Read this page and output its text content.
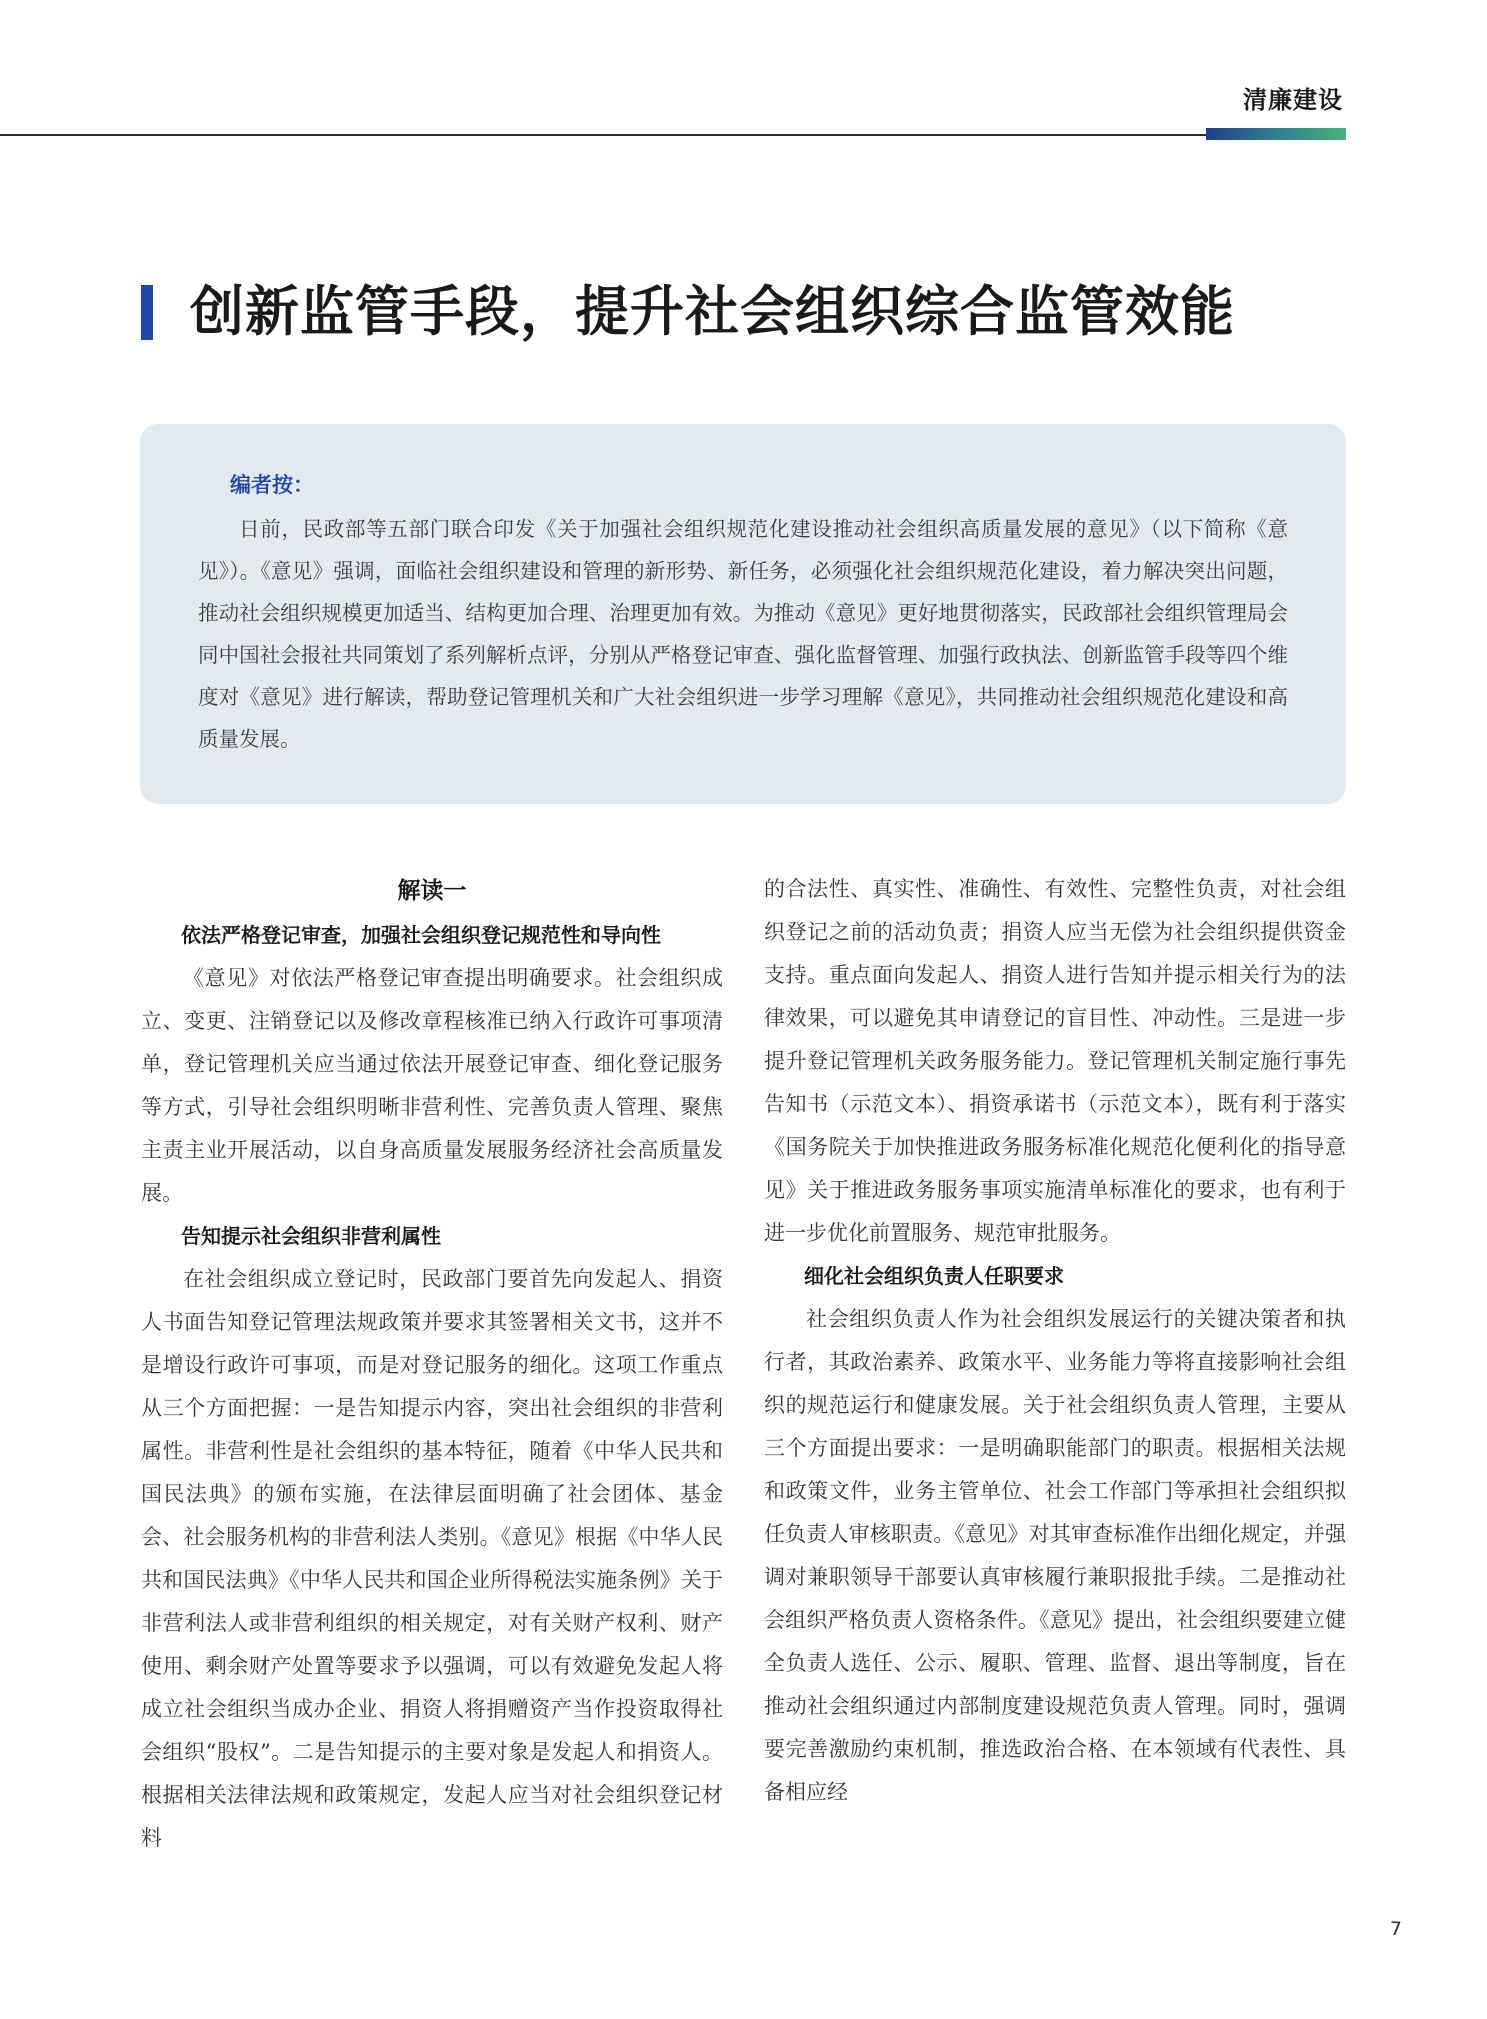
清廉建设
创新监管手段，提升社会组织综合监管效能

编者按：

日前，民政部等五部门联合印发《关于加强社会组织规范化建设推动社会组织高质量发展的意见》（以下简称《意见》）。《意见》强调，面临社会组织建设和管理的新形势、新任务，必须强化社会组织规范化建设，着力解决突出问题，推动社会组织规模更加适当、结构更加合理、治理更加有效。为推动《意见》更好地贯彻落实，民政部社会组织管理局会同中国社会报社共同策划了系列解析点评，分别从严格登记审查、强化监督管理、加强行政执法、创新监管手段等四个维度对《意见》进行解读，帮助登记管理机关和广大社会组织进一步学习理解《意见》，共同推动社会组织规范化建设和高质量发展。

解读一

依法严格登记审查，加强社会组织登记规范性和导向性

《意见》对依法严格登记审查提出明确要求。社会组织成立、变更、注销登记以及修改章程核准已纳入行政许可事项清单，登记管理机关应当通过依法开展登记审查、细化登记服务等方式，引导社会组织明晰非营利性、完善负责人管理、聚焦主责主业开展活动，以自身高质量发展服务经济社会高质量发展。

告知提示社会组织非营利属性

在社会组织成立登记时，民政部门要首先向发起人、捐资人书面告知登记管理法规政策并要求其签署相关文书，这并不是增设行政许可事项，而是对登记服务的细化。这项工作重点从三个方面把握：一是告知提示内容，突出社会组织的非营利属性。非营利性是社会组织的基本特征，随着《中华人民共和国民法典》的颁布实施，在法律层面明确了社会团体、基金会、社会服务机构的非营利法人类别。《意见》根据《中华人民共和国民法典》《中华人民共和国企业所得税法实施条例》关于非营利法人或非营利组织的相关规定，对有关财产权利、财产使用、剩余财产处置等要求予以强调，可以有效避免发起人将成立社会组织当成办企业、捐资人将捐赠资产当作投资取得社会组织“股权”。二是告知提示的主要对象是发起人和捐资人。根据相关法律法规和政策规定，发起人应当对社会组织登记材料

的合法性、真实性、准确性、有效性、完整性负责，对社会组织登记之前的活动负责；捐资人应当无偿为社会组织提供资金支持。重点面向发起人、捐资人进行告知并提示相关行为的法律效果，可以避免其申请登记的盲目性、冲动性。三是进一步提升登记管理机关政务服务能力。登记管理机关制定施行事先告知书（示范文本）、捐资承诺书（示范文本），既有利于落实《国务院关于加快推进政务服务标准化规范化便利化的指导意见》关于推进政务服务事项实施清单标准化的要求，也有利于进一步优化前置服务、规范审批服务。

细化社会组织负责人任职要求

社会组织负责人作为社会组织发展运行的关键决策者和执行者，其政治素养、政策水平、业务能力等将直接影响社会组织的规范运行和健康发展。关于社会组织负责人管理，主要从三个方面提出要求：一是明确职能部门的职责。根据相关法规和政策文件，业务主管单位、社会工作部门等承担社会组织拟任负责人审核职责。《意见》对其审查标准作出细化规定，并强调对兼职领导干部要认真审核履行兼职报批手续。二是推动社会组织严格负责人资格条件。《意见》提出，社会组织要建立健全负责人选任、公示、履职、管理、监督、退出等制度，旨在推动社会组织通过内部制度建设规范负责人管理。同时，强调要完善激励约束机制，推选政治合格、在本领域有代表性、具备相应经

7
